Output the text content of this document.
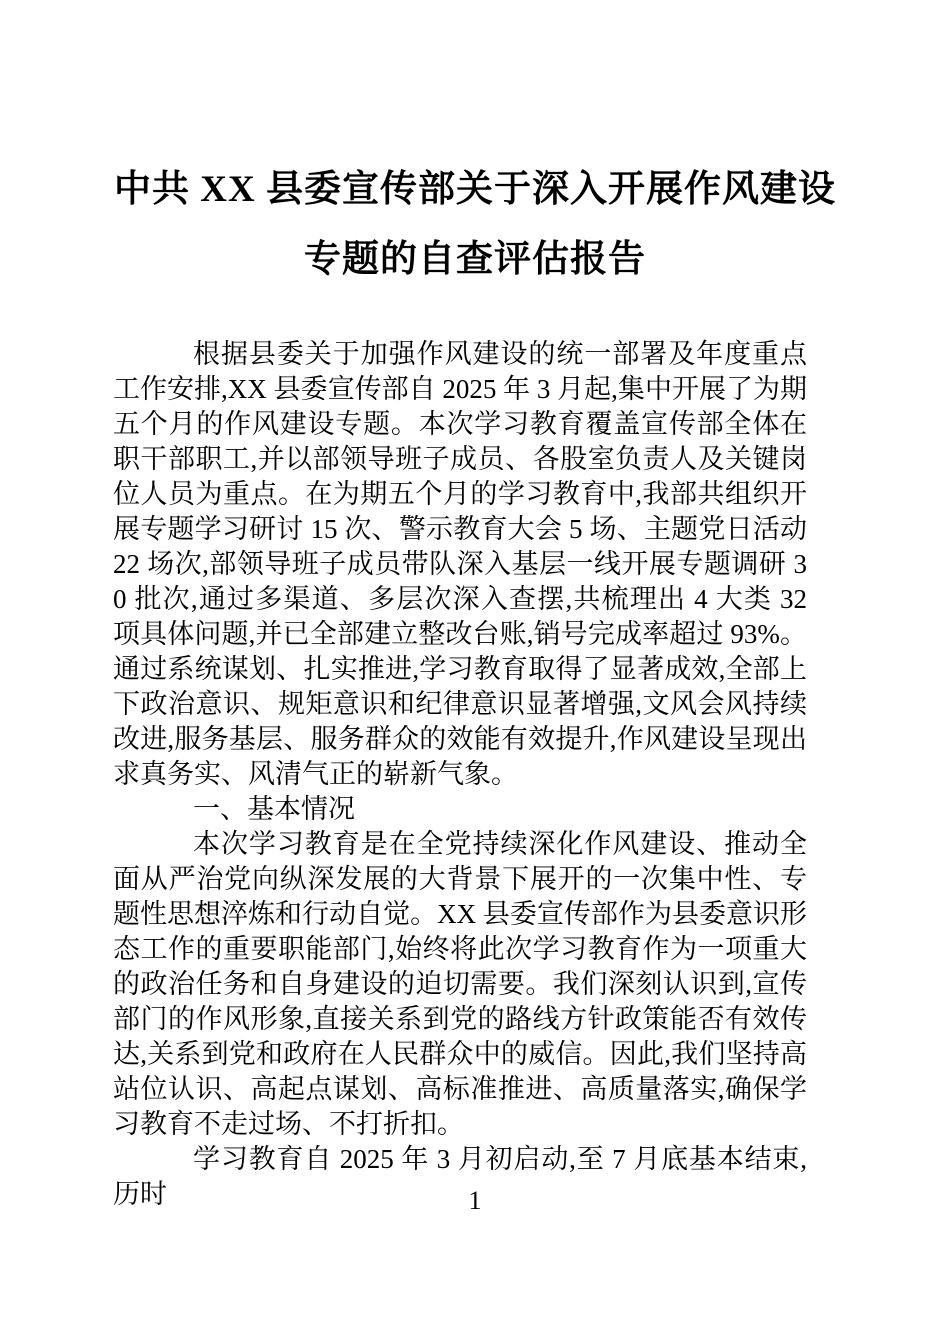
中共 XX 县委宣传部关于深入开展作风建设
专题的自查评估报告

根据县委关于加强作风建设的统一部署及年度重点工作安排,XX 县委宣传部自 2025 年 3 月起,集中开展了为期五个月的作风建设专题。本次学习教育覆盖宣传部全体在职干部职工,并以部领导班子成员、各股室负责人及关键岗位人员为重点。在为期五个月的学习教育中,我部共组织开展专题学习研讨 15 次、警示教育大会 5 场、主题党日活动 22 场次,部领导班子成员带队深入基层一线开展专题调研 30 批次,通过多渠道、多层次深入查摆,共梳理出 4 大类 32 项具体问题,并已全部建立整改台账,销号完成率超过 93%。通过系统谋划、扎实推进,学习教育取得了显著成效,全部上下政治意识、规矩意识和纪律意识显著增强,文风会风持续改进,服务基层、服务群众的效能有效提升,作风建设呈现出求真务实、风清气正的崭新气象。

一、基本情况

本次学习教育是在全党持续深化作风建设、推动全面从严治党向纵深发展的大背景下展开的一次集中性、专题性思想淬炼和行动自觉。XX 县委宣传部作为县委意识形态工作的重要职能部门,始终将此次学习教育作为一项重大的政治任务和自身建设的迫切需要。我们深刻认识到,宣传部门的作风形象,直接关系到党的路线方针政策能否有效传达,关系到党和政府在人民群众中的威信。因此,我们坚持高站位认识、高起点谋划、高标准推进、高质量落实,确保学习教育不走过场、不打折扣。

学习教育自 2025 年 3 月初启动,至 7 月底基本结束,历时	1
